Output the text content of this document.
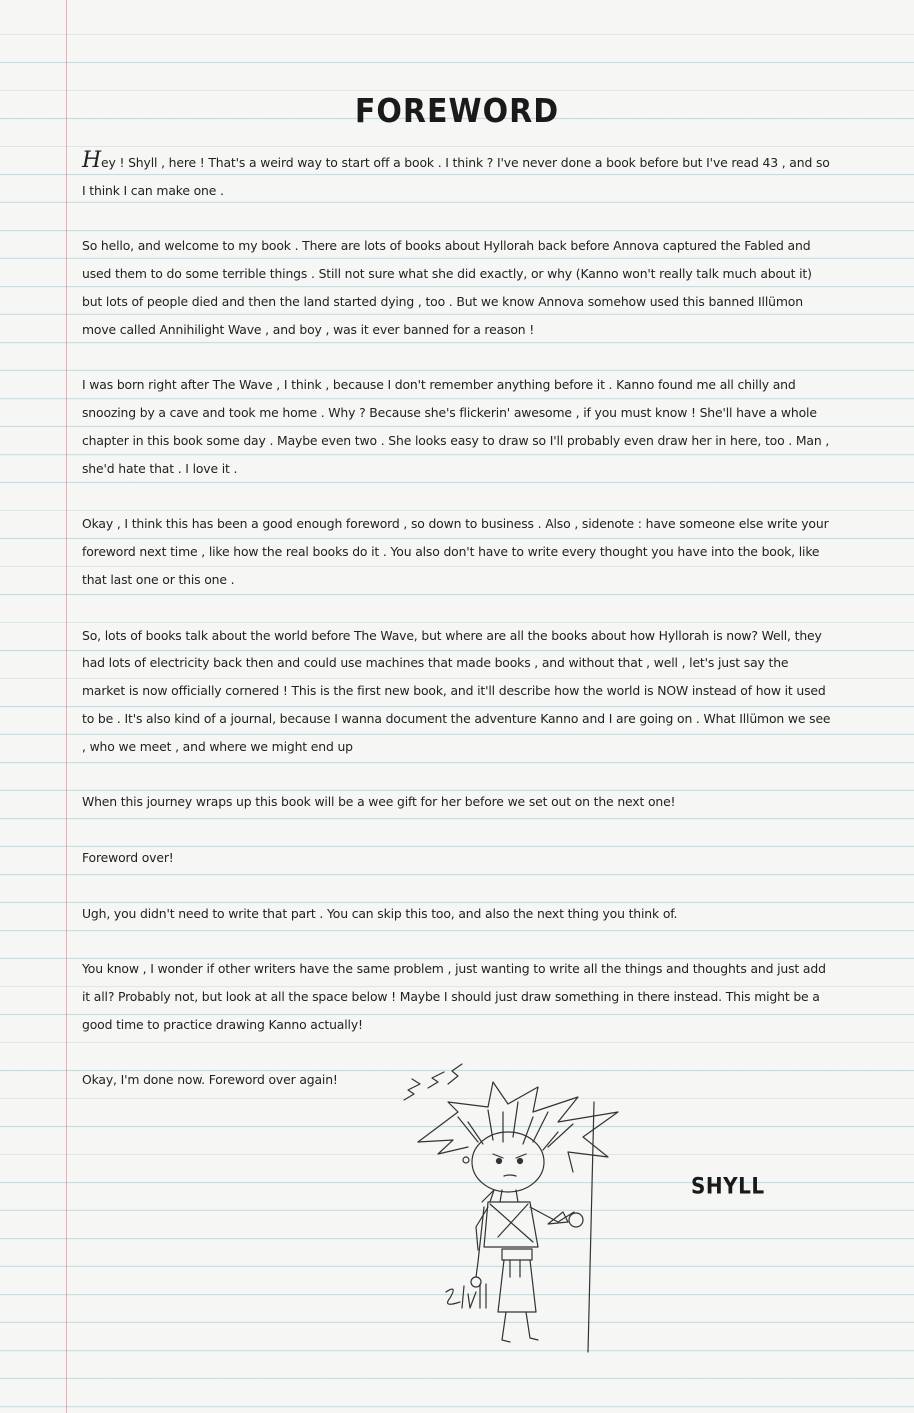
FOREWORD

Hey ! Shyll , here ! That's a weird way to start off a book . I think ? I've never done a book before but I've read 43 , and so I think I can make one .

So hello, and welcome to my book . There are lots of books about Hyllorah back before Annova captured the Fabled and used them to do some terrible things . Still not sure what she did exactly, or why (Kanno won't really talk much about it) but lots of people died and then the land started dying , too . But we know Annova somehow used this banned Illümon move called Annihilight Wave , and boy , was it ever banned for a reason !

I was born right after The Wave , I think , because I don't remember anything before it . Kanno found me all chilly and snoozing by a cave and took me home . Why ? Because she's flickerin' awesome , if you must know ! She'll have a whole chapter in this book some day . Maybe even two . She looks easy to draw so I'll probably even draw her in here, too . Man , she'd hate that . I love it .

Okay , I think this has been a good enough foreword , so down to business . Also , sidenote : have someone else write your foreword next time , like how the real books do it . You also don't have to write every thought you have into the book, like that last one or this one .

So, lots of books talk about the world before The Wave, but where are all the books about how Hyllorah is now? Well, they had lots of electricity back then and could use machines that made books , and without that , well , let's just say the market is now officially cornered ! This is the first new book, and it'll describe how the world is NOW instead of how it used to be . It's also kind of a journal, because I wanna document the adventure Kanno and I are going on . What Illümon we see , who we meet , and where we might end up

When this journey wraps up this book will be a wee gift for her before we set out on the next one!

Foreword over!

Ugh, you didn't need to write that part . You can skip this too, and also the next thing you think of.

You know , I wonder if other writers have the same problem , just wanting to write all the things and thoughts and just add it all? Probably not, but look at all the space below ! Maybe I should just draw something in there instead. This might be a good time to practice drawing Kanno actually!

Okay, I'm done now. Foreword over again!

SHYLL
